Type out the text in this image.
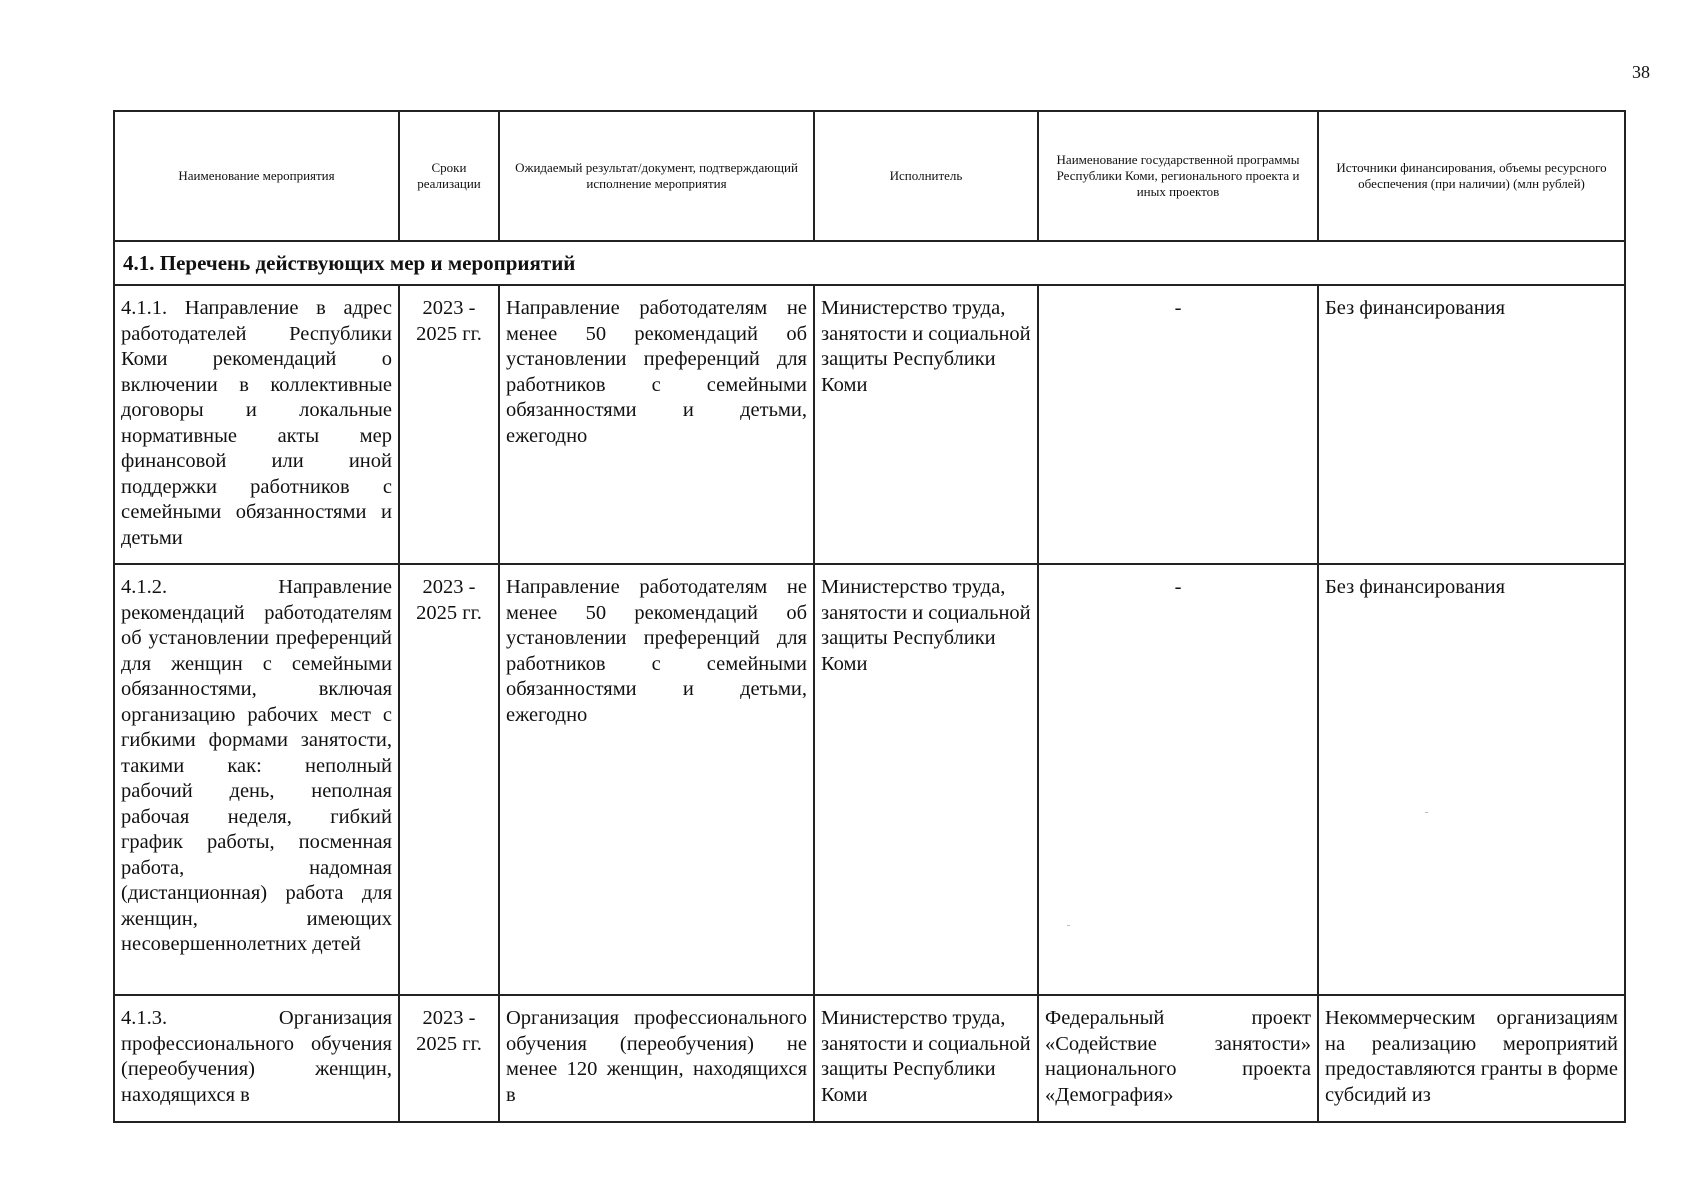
38
Наименование мероприятия	Сроки реализации	Ожидаемый результат/документ, подтверждающий исполнение мероприятия	Исполнитель	Наименование государственной программы Республики Коми, регионального проекта и иных проектов	Источники финансирования, объемы ресурсного обеспечения (при наличии) (млн рублей)
4.1. Перечень действующих мер и мероприятий					
4.1.1. Направление в адрес работодателей Республики Коми рекомендаций о включении в коллективные договоры и локальные нормативные акты мер финансовой или иной поддержки работников с семейными обязанностями и детьми	2023 - 2025 гг.	Направление работодателям не менее 50 рекомендаций об установлении преференций для работников с семейными обязанностями и детьми, ежегодно	Министерство труда, занятости и социальной защиты Республики Коми	-	Без финансирования
4.1.2. Направление рекомендаций работодателям об установлении преференций для женщин с семейными обязанностями, включая организацию рабочих мест с гибкими формами занятости, такими как: неполный рабочий день, неполная рабочая неделя, гибкий график работы, посменная работа, надомная (дистанционная) работа для женщин, имеющих несовершеннолетних детей	2023 - 2025 гг.	Направление работодателям не менее 50 рекомендаций об установлении преференций для работников с семейными обязанностями и детьми, ежегодно	Министерство труда, занятости и социальной защиты Республики Коми	-	Без финансирования

4.1.3. Организация профессионального обучения (переобучения) женщин, находящихся в	2023 - 2025 гг.	Организация профессионального обучения (переобучения) не менее 120 женщин, находящихся в	Министерство труда, занятости и социальной защиты Республики Коми	Федеральный проект «Содействие занятости» национального проекта «Демография»	Некоммерческим организациям на реализацию мероприятий предоставляются гранты в форме субсидий из
